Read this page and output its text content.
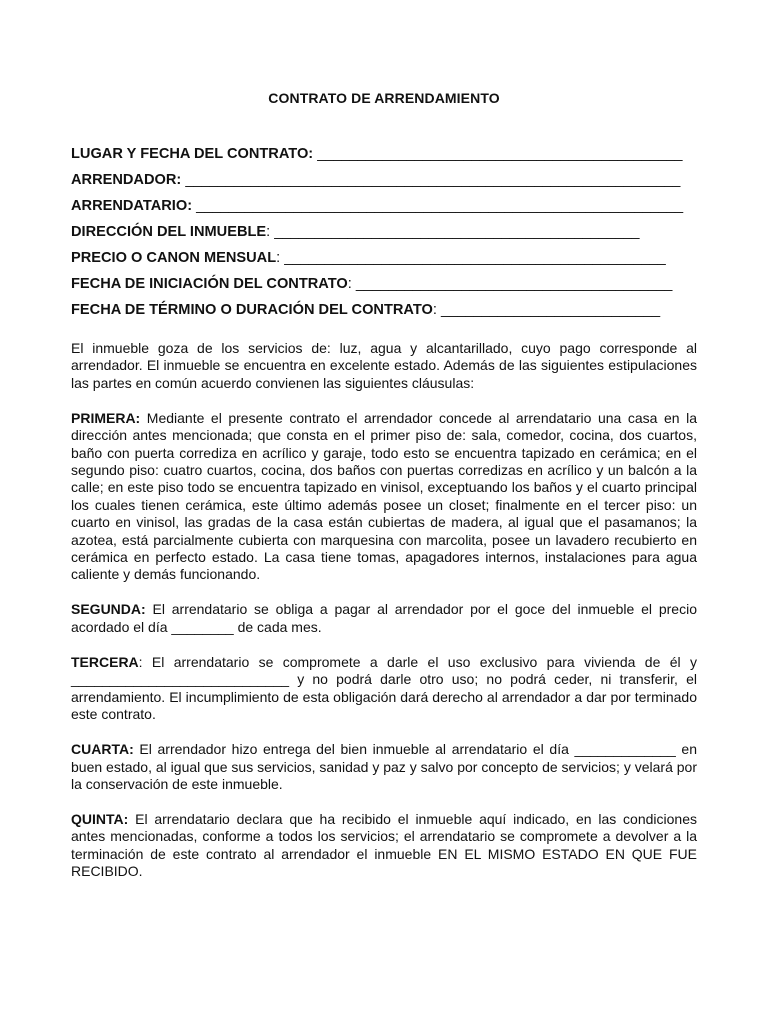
CONTRATO DE ARRENDAMIENTO
LUGAR Y FECHA DEL CONTRATO: _____________________________________________
ARRENDADOR: _____________________________________________________________
ARRENDATARIO: ____________________________________________________________
DIRECCIÓN DEL INMUEBLE: _____________________________________________
PRECIO O CANON MENSUAL: _______________________________________________
FECHA DE INICIACIÓN DEL CONTRATO: _______________________________________
FECHA DE TÉRMINO O DURACIÓN DEL CONTRATO: ___________________________

El inmueble goza de los servicios de: luz, agua y alcantarillado, cuyo pago corresponde al arrendador. El inmueble se encuentra en excelente estado. Además de las siguientes estipulaciones las partes en común acuerdo convienen las siguientes cláusulas:

PRIMERA: Mediante el presente contrato el arrendador concede al arrendatario una casa en la dirección antes mencionada; que consta en el primer piso de: sala, comedor, cocina, dos cuartos, baño con puerta corrediza en acrílico y garaje, todo esto se encuentra tapizado en cerámica; en el segundo piso: cuatro cuartos, cocina, dos baños con puertas corredizas en acrílico y un balcón a la calle; en este piso todo se encuentra tapizado en vinisol, exceptuando los baños y el cuarto principal los cuales tienen cerámica, este último además posee un closet; finalmente en el tercer piso: un cuarto en vinisol, las gradas de la casa están cubiertas de madera, al igual que el pasamanos; la azotea, está parcialmente cubierta con marquesina con marcolita, posee un lavadero recubierto en cerámica en perfecto estado. La casa tiene tomas, apagadores internos, instalaciones para agua caliente y demás funcionando.

SEGUNDA: El arrendatario se obliga a pagar al arrendador por el goce del inmueble el precio acordado el día ________ de cada mes.

TERCERA: El arrendatario se compromete a darle el uso exclusivo para vivienda de él y ____________________________ y no podrá darle otro uso; no podrá ceder, ni transferir, el arrendamiento. El incumplimiento de esta obligación dará derecho al arrendador a dar por terminado este contrato.

CUARTA: El arrendador hizo entrega del bien inmueble al arrendatario el día _____________ en buen estado, al igual que sus servicios, sanidad y paz y salvo por concepto de servicios; y velará por la conservación de este inmueble.

QUINTA: El arrendatario declara que ha recibido el inmueble aquí indicado, en las condiciones antes mencionadas, conforme a todos los servicios; el arrendatario se compromete a devolver a la terminación de este contrato al arrendador el inmueble EN EL MISMO ESTADO EN QUE FUE RECIBIDO.
